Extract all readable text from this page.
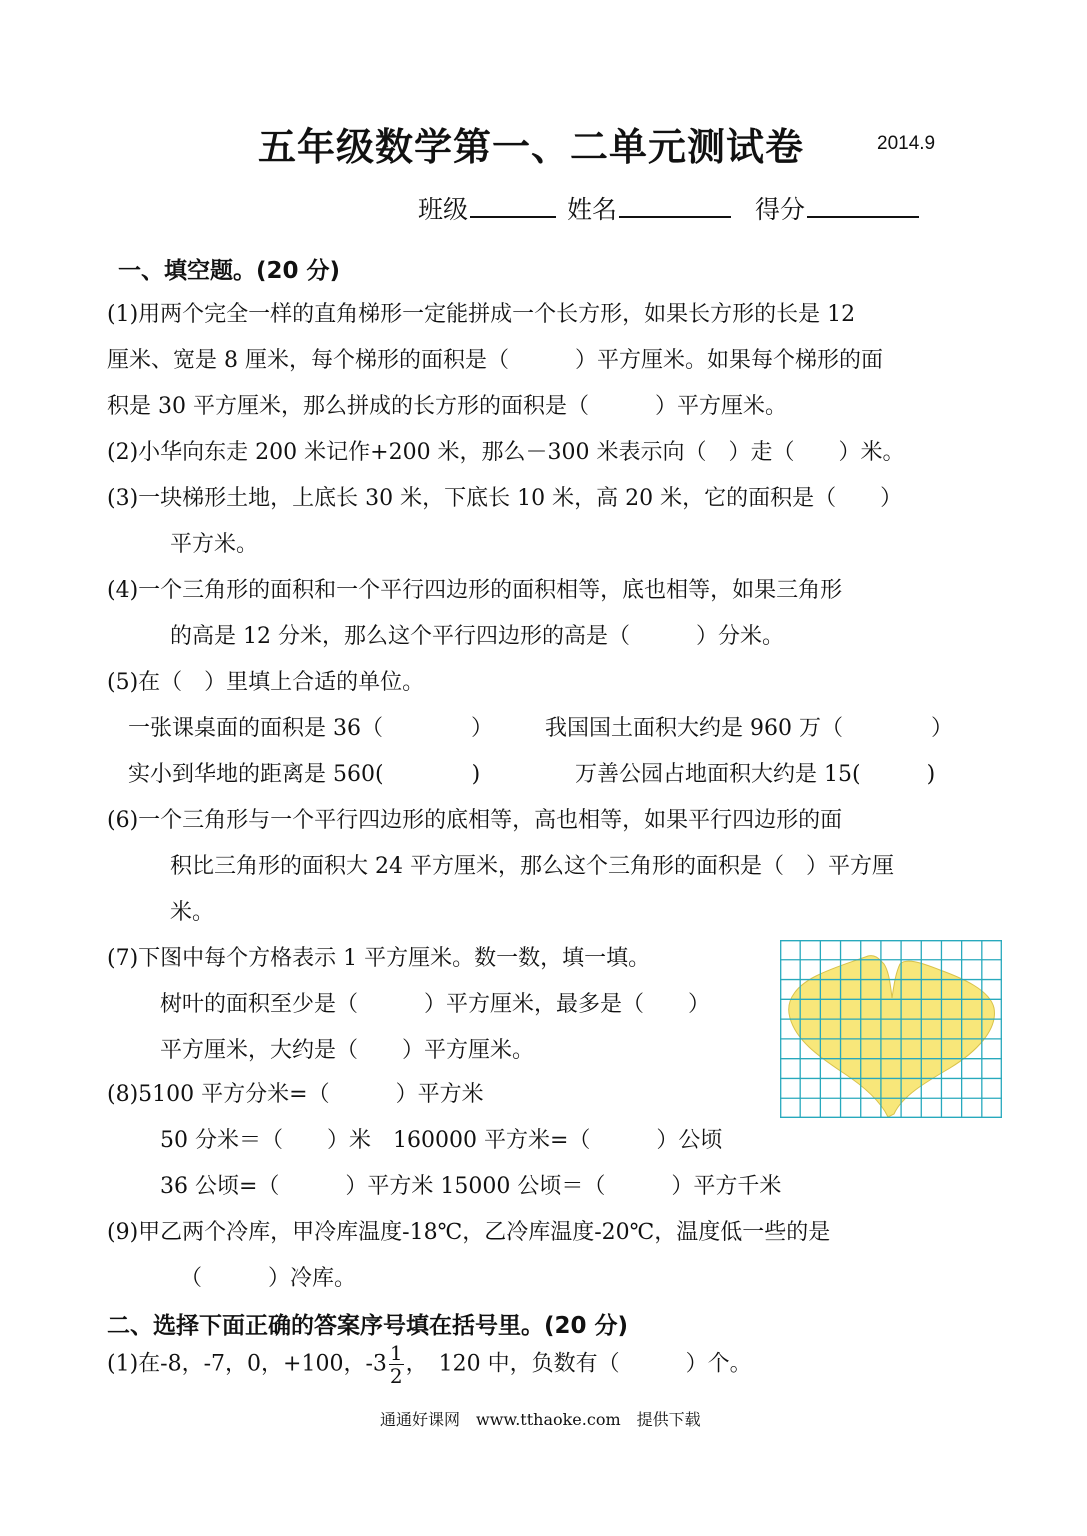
五年级数学第一、二单元测试卷	2014.9
班级	姓名	得分
一、填空题。(20 分)
(1)用两个完全一样的直角梯形一定能拼成一个长方形，如果长方形的长是 12
厘米、宽是 8 厘米，每个梯形的面积是（　　　）平方厘米。如果每个梯形的面
积是 30 平方厘米，那么拼成的长方形的面积是（　　　）平方厘米。
(2)小华向东走 200 米记作+200 米，那么－300 米表示向（　）走（　　）米。
(3)一块梯形土地，上底长 30 米，下底长 10 米，高 20 米，它的面积是（　　）
平方米。
(4)一个三角形的面积和一个平行四边形的面积相等，底也相等，如果三角形
的高是 12 分米，那么这个平行四边形的高是（　　　）分米。
(5)在（　）里填上合适的单位。
一张课桌面的面积是 36（　　　　） 我国国土面积大约是 960 万（　　　　）
实小到华地的距离是 560(　　　　)	万善公园占地面积大约是 15(　　　)
(6)一个三角形与一个平行四边形的底相等，高也相等，如果平行四边形的面
积比三角形的面积大 24 平方厘米，那么这个三角形的面积是（　）平方厘
米。
(7)下图中每个方格表示 1 平方厘米。数一数，填一填。
树叶的面积至少是（　　　）平方厘米，最多是（　　）
平方厘米，大约是（　　）平方厘米。
(8)5100 平方分米=（　　　）平方米
50 分米＝（　　）米　160000 平方米=（　　　）公顷
36 公顷=（　　　）平方米 15000 公顷＝（　　　）平方千米
(9)甲乙两个冷库，甲冷库温度-18℃，乙冷库温度-20℃，温度低一些的是
（　　　）冷库。
二、选择下面正确的答案序号填在括号里。(20 分)
(1)在-8，-7，0，+100，$-3 \frac{1}{2}$ ，　120 中，负数有（　　　）个。
通通好课网　www.tthaoke.com　提供下载
